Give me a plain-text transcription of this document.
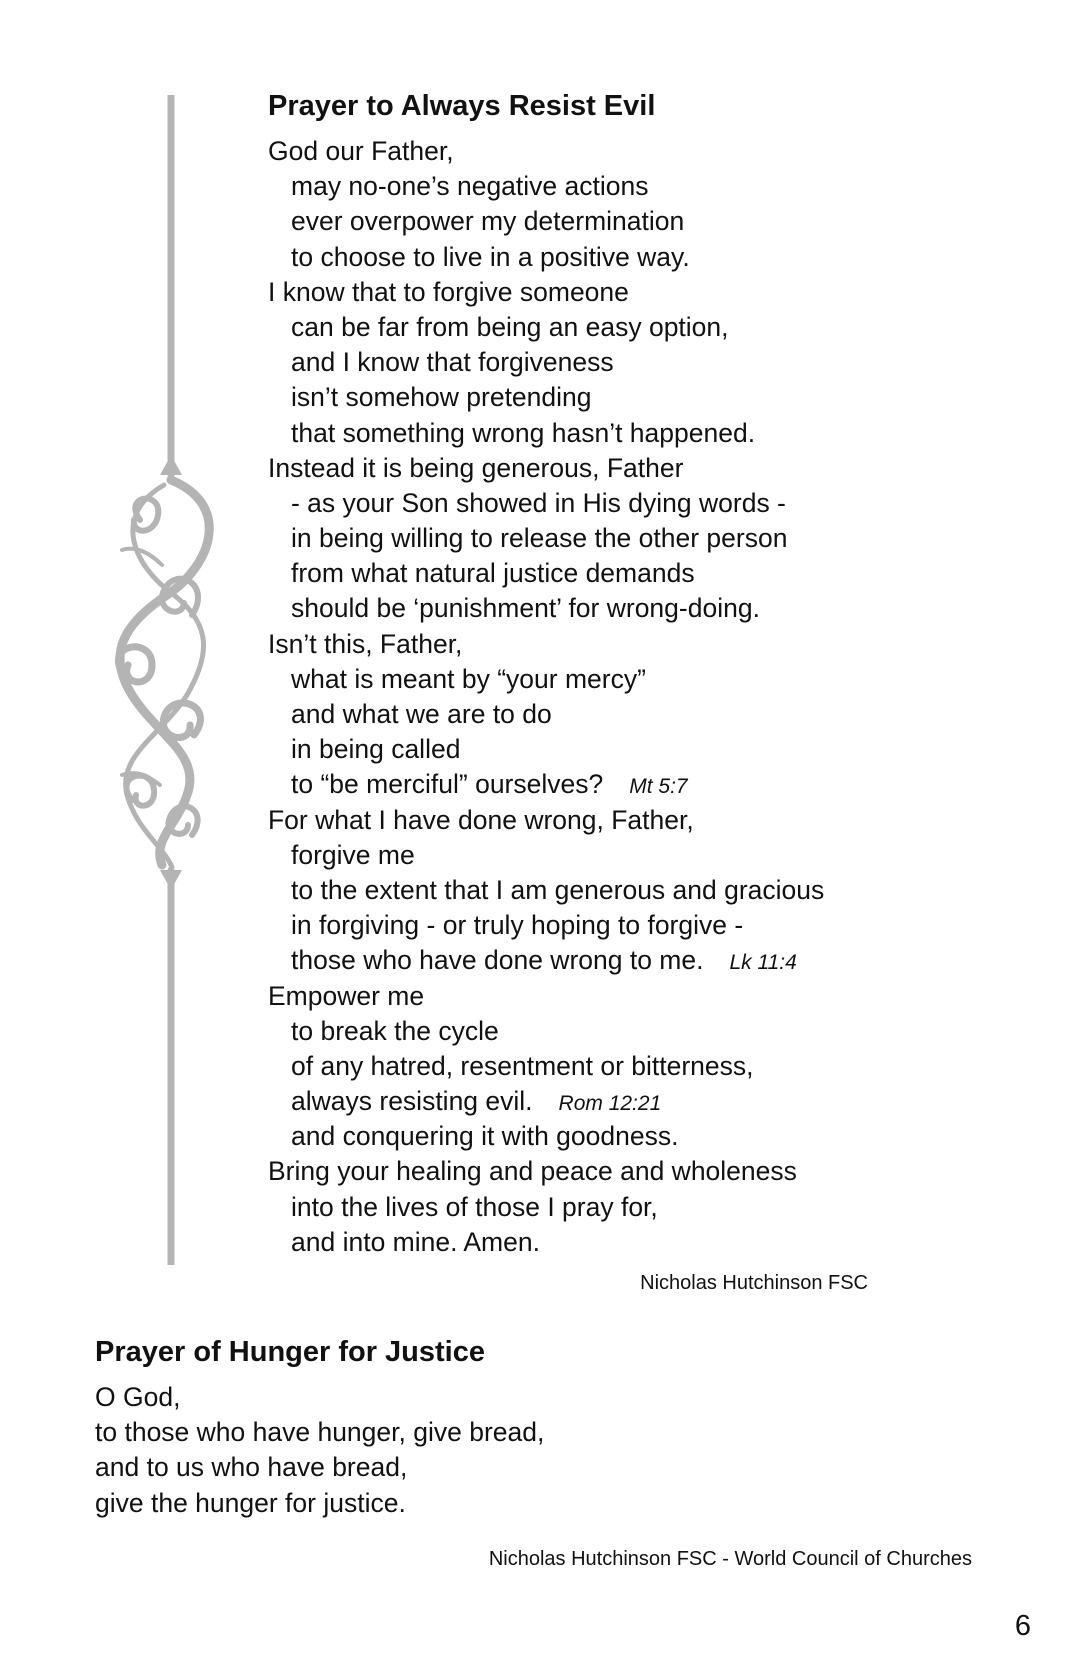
Prayer to Always Resist Evil
God our Father,
may no-one’s negative actions
ever overpower my determination
to choose to live in a positive way.
I know that to forgive someone
can be far from being an easy option,
and I know that forgiveness
isn’t somehow pretending
that something wrong hasn’t happened.
Instead it is being generous, Father
- as your Son showed in His dying words -
in being willing to release the other person
from what natural justice demands
should be ‘punishment’ for wrong-doing.
Isn’t this, Father,
what is meant by “your mercy”
and what we are to do
in being called
to “be merciful” ourselves? Mt 5:7
For what I have done wrong, Father,
forgive me
to the extent that I am generous and gracious
in forgiving - or truly hoping to forgive -
those who have done wrong to me. Lk 11:4
Empower me
to break the cycle
of any hatred, resentment or bitterness,
always resisting evil. Rom 12:21
and conquering it with goodness.
Bring your healing and peace and wholeness
into the lives of those I pray for,
and into mine. Amen.
Nicholas Hutchinson FSC
Prayer of Hunger for Justice
O God,
to those who have hunger, give bread,
and to us who have bread,
give the hunger for justice.
Nicholas Hutchinson FSC - World Council of Churches
6
